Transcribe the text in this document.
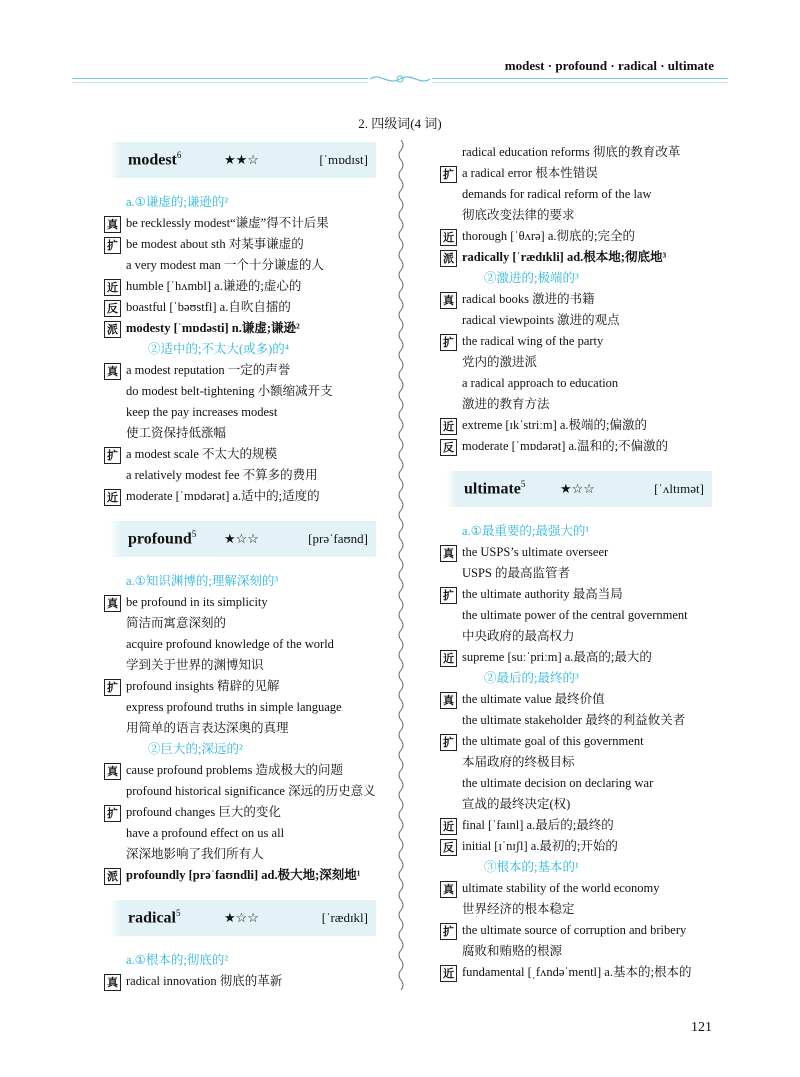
modest · profound · radical · ultimate
2. 四级词(4 词)
modest$^6$	★★☆	[ˈmɒdɪst]
a.①谦虚的;谦逊的²
真 be recklessly modest“谦虚”得不计后果
扩 be modest about sth 对某事谦虚的
a very modest man 一个十分谦虚的人
近 humble [ˈhʌmbl] a.谦逊的;虚心的
反 boastful [ˈbəʊstfl] a.自吹自擂的
派 modesty [ˈmɒdəsti] n.谦虚;谦逊²
②适中的;不太大(或多)的⁴
真 a modest reputation 一定的声誉
do modest belt-tightening 小额缩减开支
keep the pay increases modest
使工资保持低涨幅
扩 a modest scale 不太大的规模
a relatively modest fee 不算多的费用
近 moderate [ˈmɒdərət] a.适中的;适度的
profound$^5$	★☆☆	[prəˈfaʊnd]
a.①知识渊博的;理解深刻的³
真 be profound in its simplicity
简洁而寓意深刻的
acquire profound knowledge of the world
学到关于世界的渊博知识
扩 profound insights 精辟的见解
express profound truths in simple language
用简单的语言表达深奥的真理
②巨大的;深远的²
真 cause profound problems 造成极大的问题
profound historical significance 深远的历史意义
扩 profound changes 巨大的变化
have a profound effect on us all
深深地影响了我们所有人
派 profoundly [prəˈfaʊndli] ad.极大地;深刻地¹
radical$^5$	★☆☆	[ˈrædɪkl]
a.①根本的;彻底的²
真 radical innovation 彻底的革新
radical education reforms 彻底的教育改革
扩 a radical error 根本性错误
demands for radical reform of the law
彻底改变法律的要求
近 thorough [ˈθʌrə] a.彻底的;完全的
派 radically [ˈrædɪkli] ad.根本地;彻底地³
②激进的;极端的³
真 radical books 激进的书籍
radical viewpoints 激进的观点
扩 the radical wing of the party
党内的激进派
a radical approach to education
激进的教育方法
近 extreme [ɪkˈstriːm] a.极端的;偏激的
反 moderate [ˈmɒdərət] a.温和的;不偏激的
ultimate$^5$	★☆☆	[ˈʌltɪmət]
a.①最重要的;最强大的¹
真 the USPS’s ultimate overseer
USPS 的最高监管者
扩 the ultimate authority 最高当局
the ultimate power of the central government
中央政府的最高权力
近 supreme [suːˈpriːm] a.最高的;最大的
②最后的;最终的³
真 the ultimate value 最终价值
the ultimate stakeholder 最终的利益攸关者
扩 the ultimate goal of this government
本届政府的终极目标
the ultimate decision on declaring war
宣战的最终决定(权)
近 final [ˈfaɪnl] a.最后的;最终的
反 initial [ɪˈnɪʃl] a.最初的;开始的
③根本的;基本的¹
真 ultimate stability of the world economy
世界经济的根本稳定
扩 the ultimate source of corruption and bribery
腐败和贿赂的根源
近 fundamental [ˌfʌndəˈmentl] a.基本的;根本的
121
